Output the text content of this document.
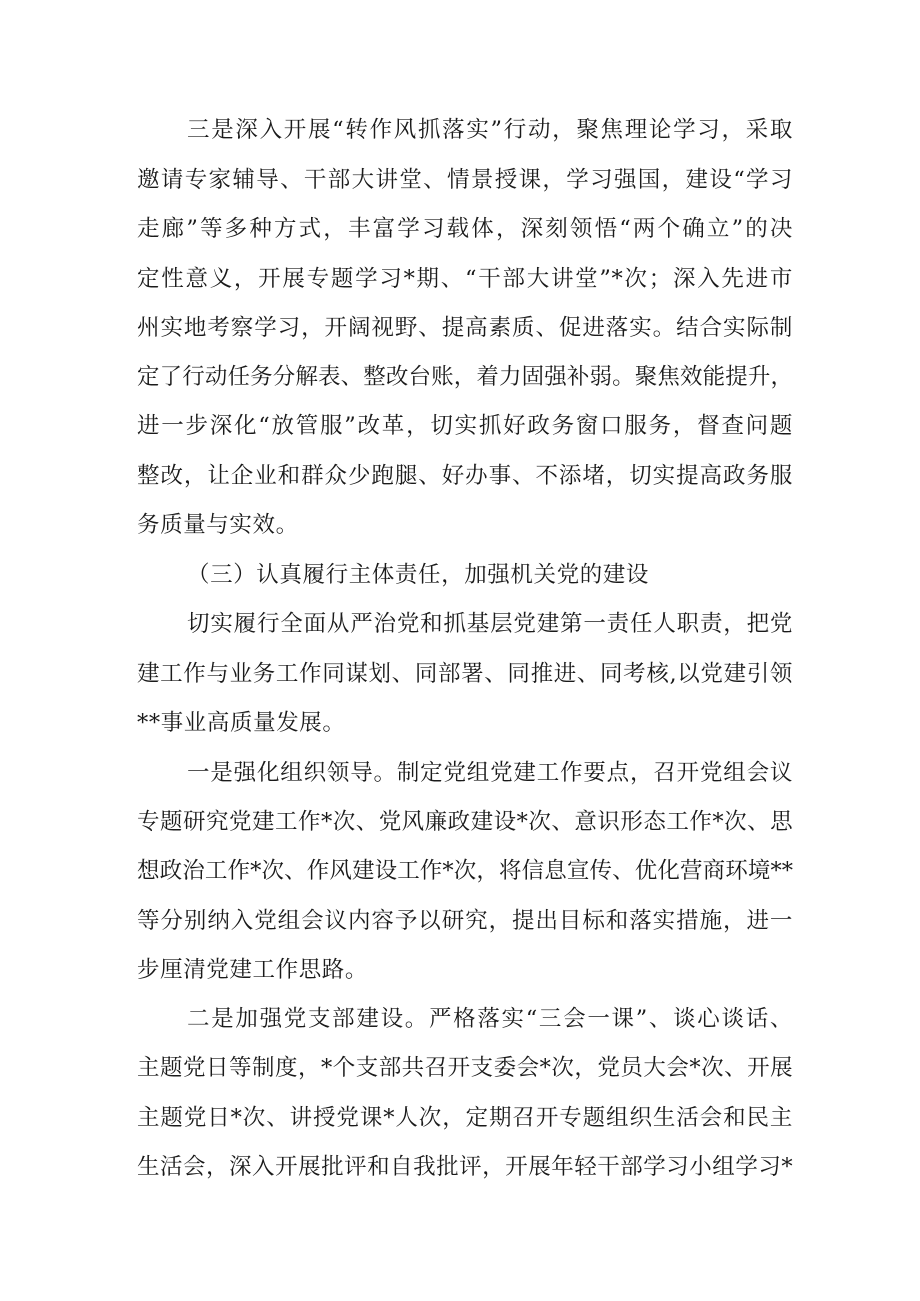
三是深入开展“转作风抓落实”行动，聚焦理论学习，采取
邀请专家辅导、干部大讲堂、情景授课，学习强国，建设“学习
走廊”等多种方式，丰富学习载体，深刻领悟“两个确立”的决
定性意义，开展专题学习*期、“干部大讲堂”*次；深入先进市
州实地考察学习，开阔视野、提高素质、促进落实。结合实际制
定了行动任务分解表、整改台账，着力固强补弱。聚焦效能提升，
进一步深化“放管服”改革，切实抓好政务窗口服务，督查问题
整改，让企业和群众少跑腿、好办事、不添堵，切实提高政务服
务质量与实效。
（三）认真履行主体责任，加强机关党的建设
切实履行全面从严治党和抓基层党建第一责任人职责，把党
建工作与业务工作同谋划、同部署、同推进、同考核,以党建引领
**事业高质量发展。
一是强化组织领导。制定党组党建工作要点，召开党组会议
专题研究党建工作*次、党风廉政建设*次、意识形态工作*次、思
想政治工作*次、作风建设工作*次，将信息宣传、优化营商环境**
等分别纳入党组会议内容予以研究，提出目标和落实措施，进一
步厘清党建工作思路。
二是加强党支部建设。严格落实“三会一课”、谈心谈话、
主题党日等制度，*个支部共召开支委会*次，党员大会*次、开展
主题党日*次、讲授党课*人次，定期召开专题组织生活会和民主
生活会，深入开展批评和自我批评，开展年轻干部学习小组学习*
